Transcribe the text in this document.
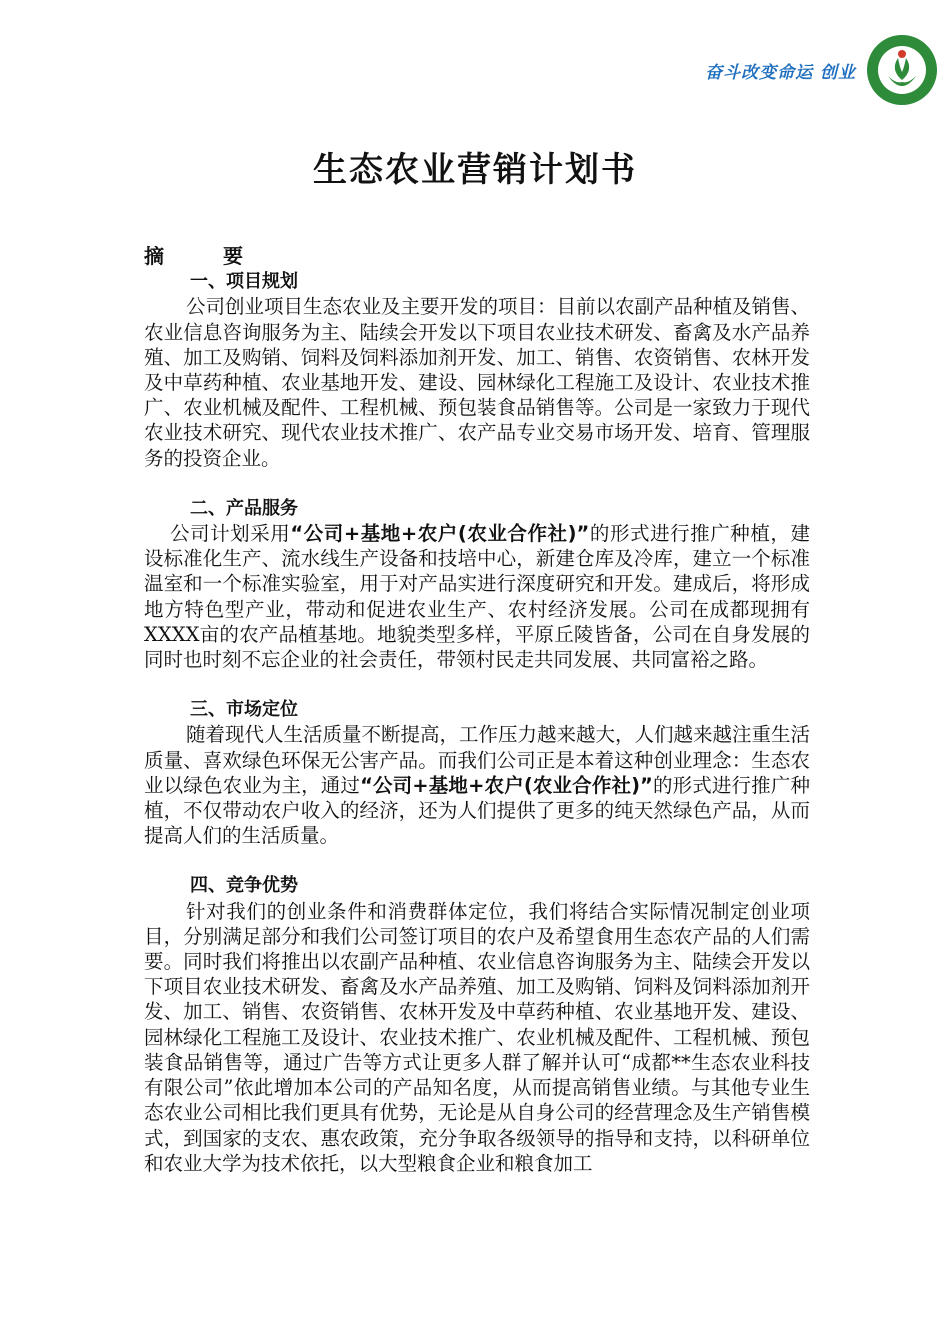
奋斗改变命运 创业
生态农业营销计划书

摘 要

一、项目规划

公司创业项目生态农业及主要开发的项目：目前以农副产品种植及销售、农业信息咨询服务为主、陆续会开发以下项目农业技术研发、畜禽及水产品养殖、加工及购销、饲料及饲料添加剂开发、加工、销售、农资销售、农林开发及中草药种植、农业基地开发、建设、园林绿化工程施工及设计、农业技术推广、农业机械及配件、工程机械、预包装食品销售等。公司是一家致力于现代农业技术研究、现代农业技术推广、农产品专业交易市场开发、培育、管理服务的投资企业。

二、产品服务

公司计划采用“公司+基地+农户(农业合作社)”的形式进行推广种植，建设标准化生产、流水线生产设备和技培中心，新建仓库及冷库，建立一个标准温室和一个标准实验室，用于对产品实进行深度研究和开发。建成后，将形成地方特色型产业，带动和促进农业生产、农村经济发展。公司在成都现拥有XXXX亩的农产品植基地。地貌类型多样，平原丘陵皆备，公司在自身发展的同时也时刻不忘企业的社会责任，带领村民走共同发展、共同富裕之路。

三、市场定位

随着现代人生活质量不断提高，工作压力越来越大，人们越来越注重生活质量、喜欢绿色环保无公害产品。而我们公司正是本着这种创业理念：生态农业以绿色农业为主，通过“公司+基地+农户(农业合作社)”的形式进行推广种植，不仅带动农户收入的经济，还为人们提供了更多的纯天然绿色产品，从而提高人们的生活质量。

四、竞争优势

针对我们的创业条件和消费群体定位，我们将结合实际情况制定创业项目，分别满足部分和我们公司签订项目的农户及希望食用生态农产品的人们需要。同时我们将推出以农副产品种植、农业信息咨询服务为主、陆续会开发以下项目农业技术研发、畜禽及水产品养殖、加工及购销、饲料及饲料添加剂开发、加工、销售、农资销售、农林开发及中草药种植、农业基地开发、建设、园林绿化工程施工及设计、农业技术推广、农业机械及配件、工程机械、预包装食品销售等，通过广告等方式让更多人群了解并认可“成都**生态农业科技有限公司”依此增加本公司的产品知名度，从而提高销售业绩。与其他专业生态农业公司相比我们更具有优势，无论是从自身公司的经营理念及生产销售模式，到国家的支农、惠农政策，充分争取各级领导的指导和支持，以科研单位和农业大学为技术依托，以大型粮食企业和粮食加工
